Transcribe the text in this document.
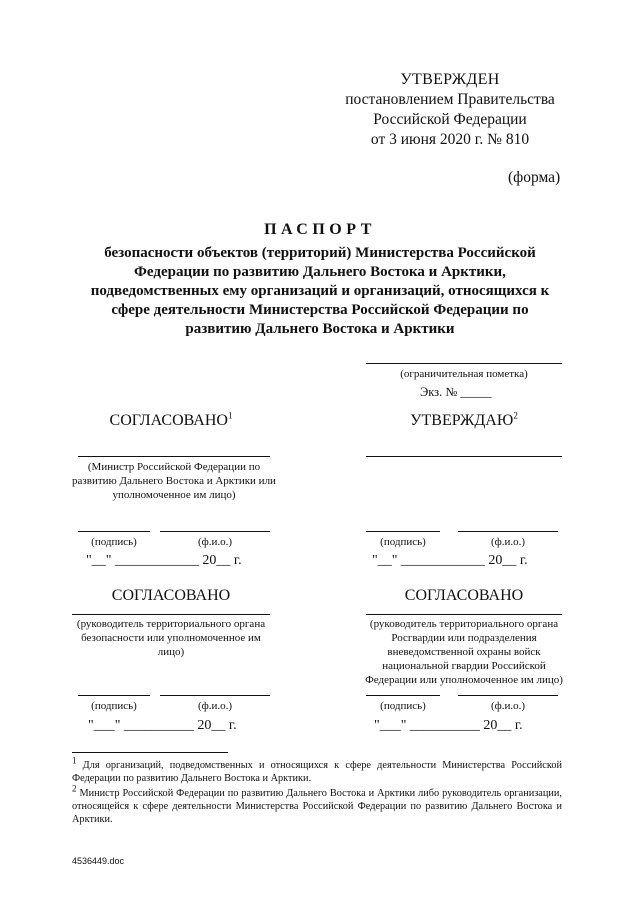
УТВЕРЖДЕН
постановлением Правительства
Российской Федерации
от 3 июня 2020 г. № 810
(форма)
ПАСПОРТ
безопасности объектов (территорий) Министерства Российской Федерации по развитию Дальнего Востока и Арктики, подведомственных ему организаций и организаций, относящихся к сфере деятельности Министерства Российской Федерации по развитию Дальнего Востока и Арктики
(ограничительная пометка)
Экз. № _____
СОГЛАСОВАНО$^1$
(Министр Российской Федерации по развитию Дальнего Востока и Арктики или уполномоченное им лицо)
(подпись)	(ф.и.о.)
"__" ____________ 20__ г.
УТВЕРЖДАЮ$^2$
(подпись)	(ф.и.о.)
"__" ____________ 20__ г.
СОГЛАСОВАНО
(руководитель территориального органа безопасности или уполномоченное им лицо)
(подпись)	(ф.и.о.)
"___" __________ 20__ г.
СОГЛАСОВАНО
(руководитель территориального органа Росгвардии или подразделения вневедомственной охраны войск национальной гвардии Российской Федерации или уполномоченное им лицо)
(подпись)	(ф.и.о.)
"___" __________ 20__ г.

1 Для организаций, подведомственных и относящихся к сфере деятельности Министерства Российской Федерации по развитию Дальнего Востока и Арктики.

2 Министр Российской Федерации по развитию Дальнего Востока и Арктики либо руководитель организации, относящейся к сфере деятельности Министерства Российской Федерации по развитию Дальнего Востока и Арктики.

4536449.doc
